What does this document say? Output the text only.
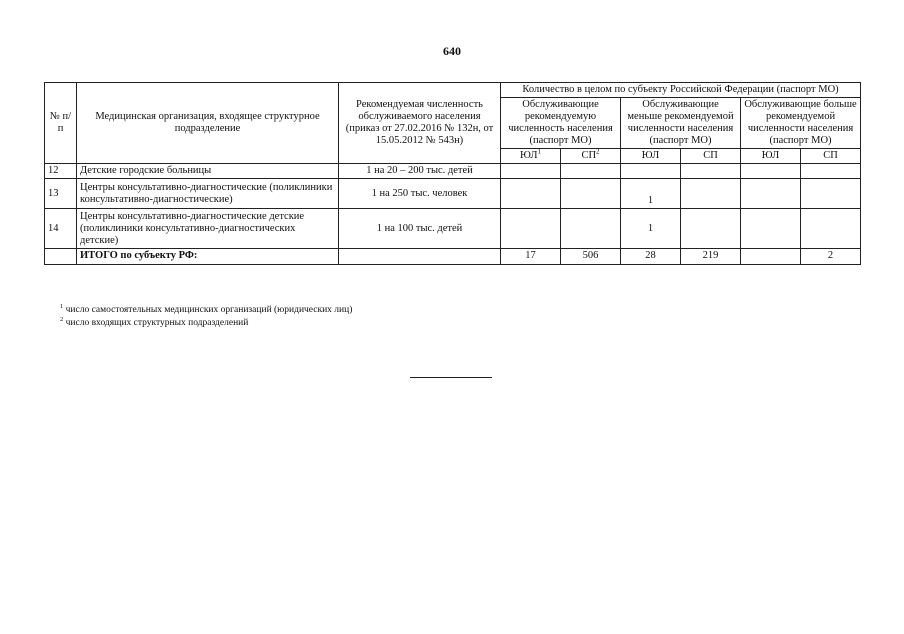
640
№ п/п	Медицинская организация, входящее структурное подразделение	Рекомендуемая численность обслуживаемого населения (приказ от 27.02.2016 № 132н, от 15.05.2012 № 543н)	Количество в целом по субъекту Российской Федерации (паспорт МО)					
			Обслуживающие рекомендуемую численность населения (паспорт МО)		Обслуживающие меньше рекомендуемой численности населения (паспорт МО)		Обслуживающие больше рекомендуемой численности населения (паспорт МО)	
			$ЮЛ^1$	$СП^2$	ЮЛ	СП	ЮЛ	СП
12	Детские городские больницы	1 на 20 – 200 тыс. детей						
13	Центры консультативно-диагностические (поликлиники консультативно-диагностические)	1 на 250 тыс. человек			1			
14	Центры консультативно-диагностические детские (поликлиники консультативно-диагностических детские)	1 на 100 тыс. детей			1			
	ИТОГО по субъекту РФ:		17	506	28	219		2
$^1$ число самостоятельных медицинских организаций (юридических лиц)
$^2$ число входящих структурных подразделений
